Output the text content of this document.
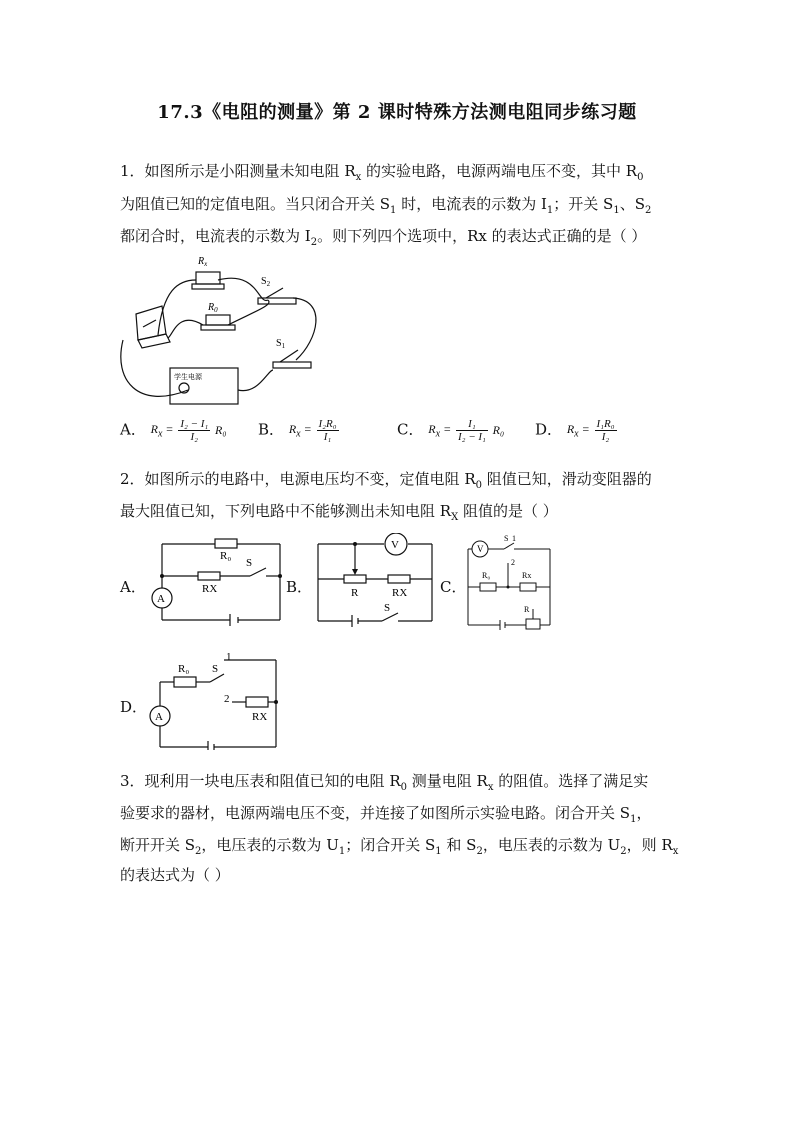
17.3《电阻的测量》第 2 课时特殊方法测电阻同步练习题
1．如图所示是小阳测量未知电阻 $R_x$ 的实验电路，电源两端电压不变，其中 $R_0$
为阻值已知的定值电阻。当只闭合开关 $S_1$ 时，电流表的示数为 $I_1$；开关 $S_1$、$S_2$
都闭合时，电流表的示数为 $I_2$。则下列四个选项中，Rx 的表达式正确的是（ ）
$R_x$
$R_0$
$S_2$
$S_1$
学生电源
A． $R_x = \frac{\text{I₂ − I₁}}{\text{I₂}} R_0$ B． $R_x = \frac{\text{I₂R₀}}{\text{I₁}}$	C． $R_x = \frac{\text{I₁}}{\text{I₂ − I₁}} R_0$ D． $R_x = \frac{\text{I₁R₀}}{\text{I₂}}$
2．如图所示的电路中，电源电压均不变，定值电阻 $R_0$ 阻值已知，滑动变阻器的
最大阻值已知，下列电路中不能够测出未知电阻 $R_X$ 阻值的是（ ）
A．
R₀
S
RX
A
B．
V
R	RX
S
C．
V
S 1
2
R₀	Rx
R
D．
R₀ S
1
2
RX
A
3．现利用一块电压表和阻值已知的电阻 $R_0$ 测量电阻 $R_x$ 的阻值。选择了满足实
验要求的器材，电源两端电压不变，并连接了如图所示实验电路。闭合开关 $S_1$，
断开开关 $S_2$，电压表的示数为 $U_1$；闭合开关 $S_1$ 和 $S_2$，电压表的示数为 $U_2$，则 $R_x$
的表达式为（ ）
